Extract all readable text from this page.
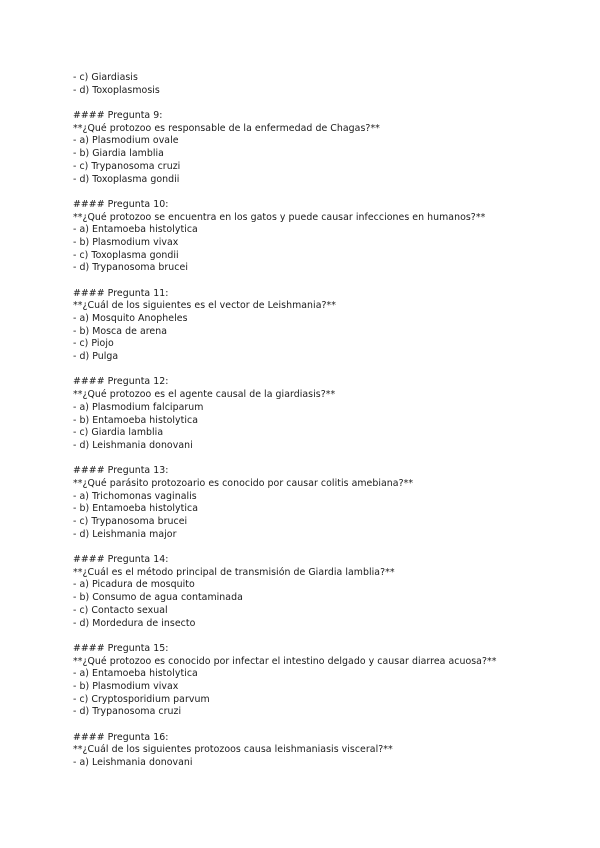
- c) Giardiasis
- d) Toxoplasmosis
#### Pregunta 9:
**¿Qué protozoo es responsable de la enfermedad de Chagas?**
- a) Plasmodium ovale
- b) Giardia lamblia
- c) Trypanosoma cruzi
- d) Toxoplasma gondii
#### Pregunta 10:
**¿Qué protozoo se encuentra en los gatos y puede causar infecciones en humanos?**
- a) Entamoeba histolytica
- b) Plasmodium vivax
- c) Toxoplasma gondii
- d) Trypanosoma brucei
#### Pregunta 11:
**¿Cuál de los siguientes es el vector de Leishmania?**
- a) Mosquito Anopheles
- b) Mosca de arena
- c) Piojo
- d) Pulga
#### Pregunta 12:
**¿Qué protozoo es el agente causal de la giardiasis?**
- a) Plasmodium falciparum
- b) Entamoeba histolytica
- c) Giardia lamblia
- d) Leishmania donovani
#### Pregunta 13:
**¿Qué parásito protozoario es conocido por causar colitis amebiana?**
- a) Trichomonas vaginalis
- b) Entamoeba histolytica
- c) Trypanosoma brucei
- d) Leishmania major
#### Pregunta 14:
**¿Cuál es el método principal de transmisión de Giardia lamblia?**
- a) Picadura de mosquito
- b) Consumo de agua contaminada
- c) Contacto sexual
- d) Mordedura de insecto
#### Pregunta 15:
**¿Qué protozoo es conocido por infectar el intestino delgado y causar diarrea acuosa?**
- a) Entamoeba histolytica
- b) Plasmodium vivax
- c) Cryptosporidium parvum
- d) Trypanosoma cruzi
#### Pregunta 16:
**¿Cuál de los siguientes protozoos causa leishmaniasis visceral?**
- a) Leishmania donovani
